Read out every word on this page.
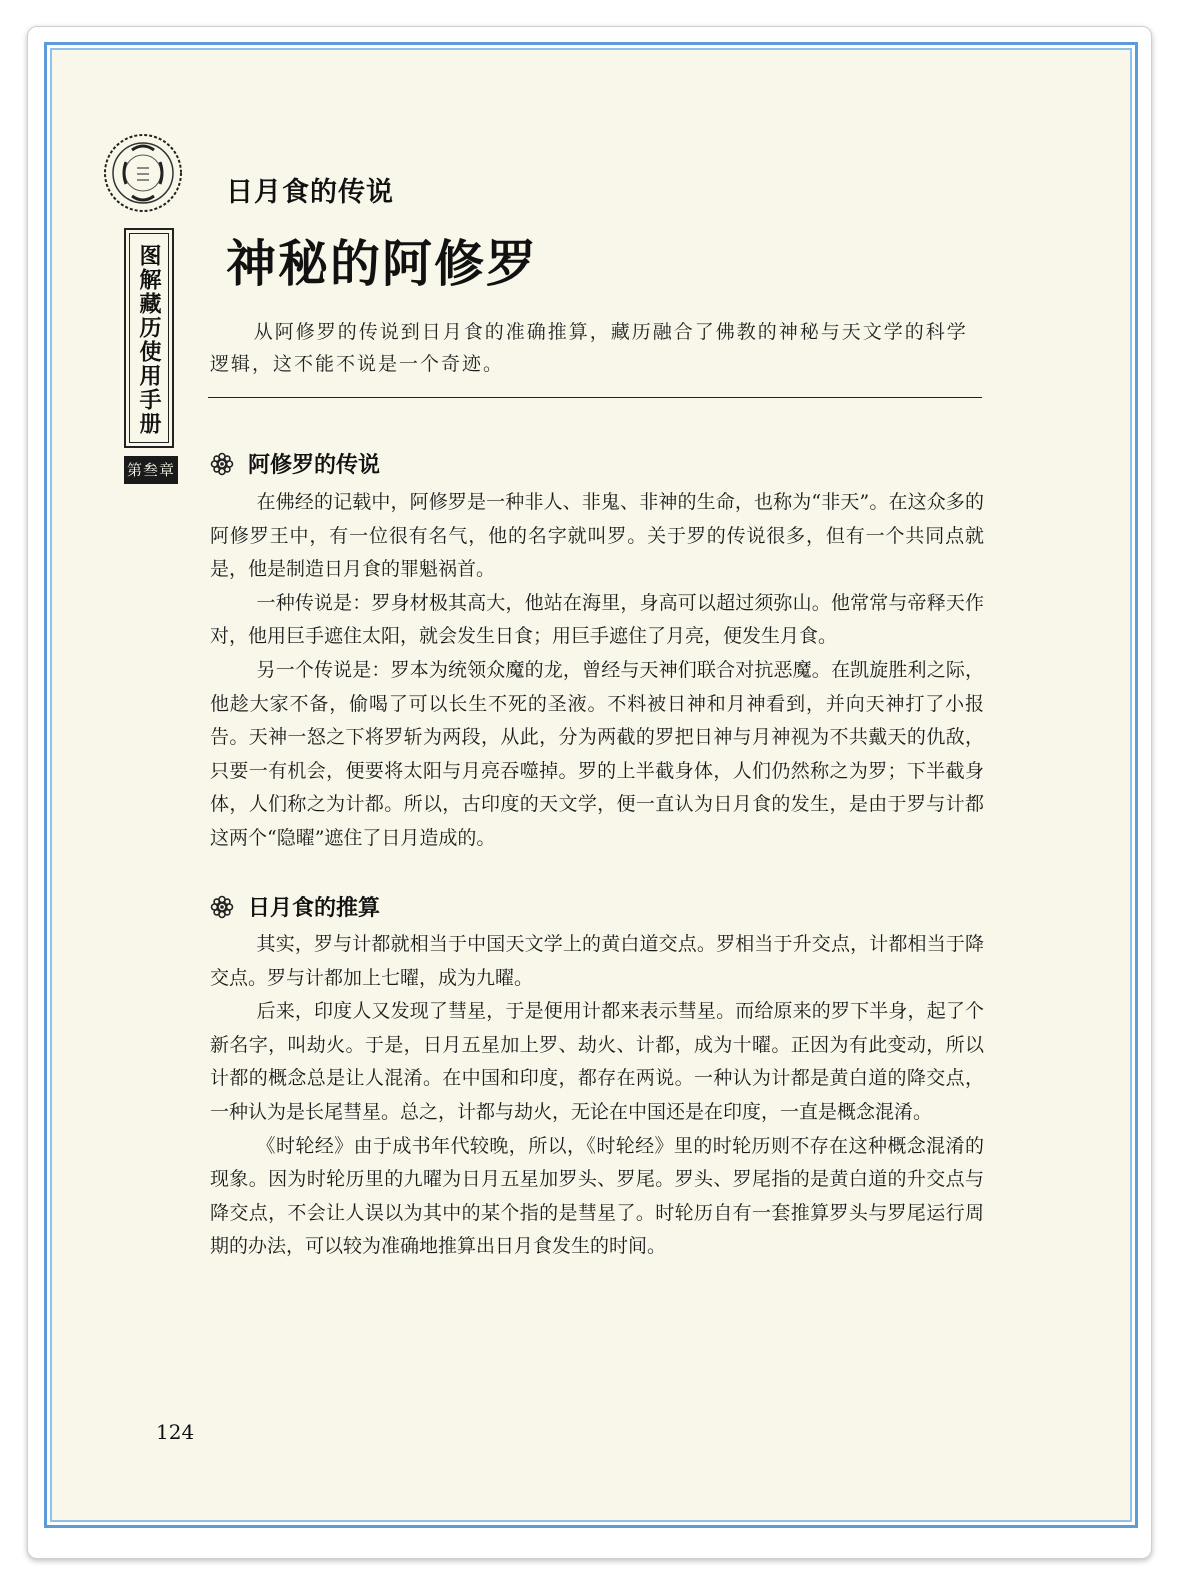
图解藏历使用手册
第叁章
日月食的传说
神秘的阿修罗
从阿修罗的传说到日月食的准确推算，藏历融合了佛教的神秘与天文学的科学逻辑，这不能不说是一个奇迹。
阿修罗的传说

在佛经的记载中，阿修罗是一种非人、非鬼、非神的生命，也称为“非天”。在这众多的阿修罗王中，有一位很有名气，他的名字就叫罗。关于罗的传说很多，但有一个共同点就是，他是制造日月食的罪魁祸首。

一种传说是：罗身材极其高大，他站在海里，身高可以超过须弥山。他常常与帝释天作对，他用巨手遮住太阳，就会发生日食；用巨手遮住了月亮，便发生月食。

另一个传说是：罗本为统领众魔的龙，曾经与天神们联合对抗恶魔。在凯旋胜利之际，他趁大家不备，偷喝了可以长生不死的圣液。不料被日神和月神看到，并向天神打了小报告。天神一怒之下将罗斩为两段，从此，分为两截的罗把日神与月神视为不共戴天的仇敌，只要一有机会，便要将太阳与月亮吞噬掉。罗的上半截身体，人们仍然称之为罗；下半截身体，人们称之为计都。所以，古印度的天文学，便一直认为日月食的发生，是由于罗与计都这两个“隐曜”遮住了日月造成的。

日月食的推算

其实，罗与计都就相当于中国天文学上的黄白道交点。罗相当于升交点，计都相当于降交点。罗与计都加上七曜，成为九曜。

后来，印度人又发现了彗星，于是便用计都来表示彗星。而给原来的罗下半身，起了个新名字，叫劫火。于是，日月五星加上罗、劫火、计都，成为十曜。正因为有此变动，所以计都的概念总是让人混淆。在中国和印度，都存在两说。一种认为计都是黄白道的降交点，一种认为是长尾彗星。总之，计都与劫火，无论在中国还是在印度，一直是概念混淆。

《时轮经》由于成书年代较晚，所以，《时轮经》里的时轮历则不存在这种概念混淆的现象。因为时轮历里的九曜为日月五星加罗头、罗尾。罗头、罗尾指的是黄白道的升交点与降交点，不会让人误以为其中的某个指的是彗星了。时轮历自有一套推算罗头与罗尾运行周期的办法，可以较为准确地推算出日月食发生的时间。

124
